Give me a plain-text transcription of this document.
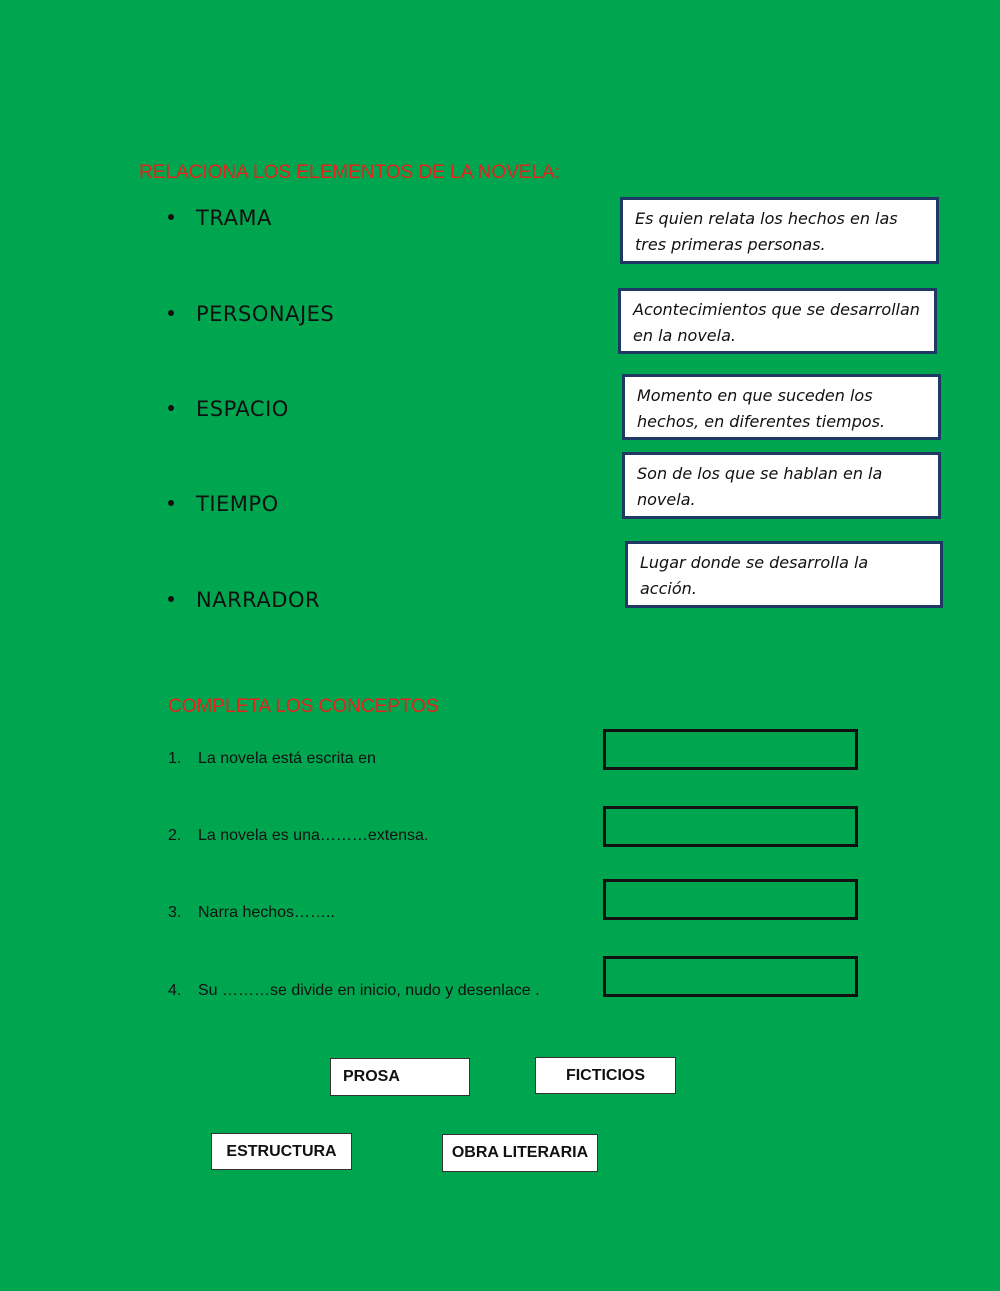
RELACIONA LOS ELEMENTOS DE LA NOVELA:
TRAMA
PERSONAJES
ESPACIO
TIEMPO
NARRADOR
Es quien relata los hechos en las
tres primeras personas.
Acontecimientos que se desarrollan
en la novela.
Momento en que suceden los
hechos, en diferentes tiempos.
Son de los que se hablan en la
novela.
Lugar donde se desarrolla la acción.
COMPLETA LOS CONCEPTOS
1. La novela está escrita en
2. La novela es una………extensa.
3. Narra hechos……..
4. Su ………se divide en inicio, nudo y desenlace .
PROSA	FICTICIOS
ESTRUCTURA	OBRA LITERARIA
